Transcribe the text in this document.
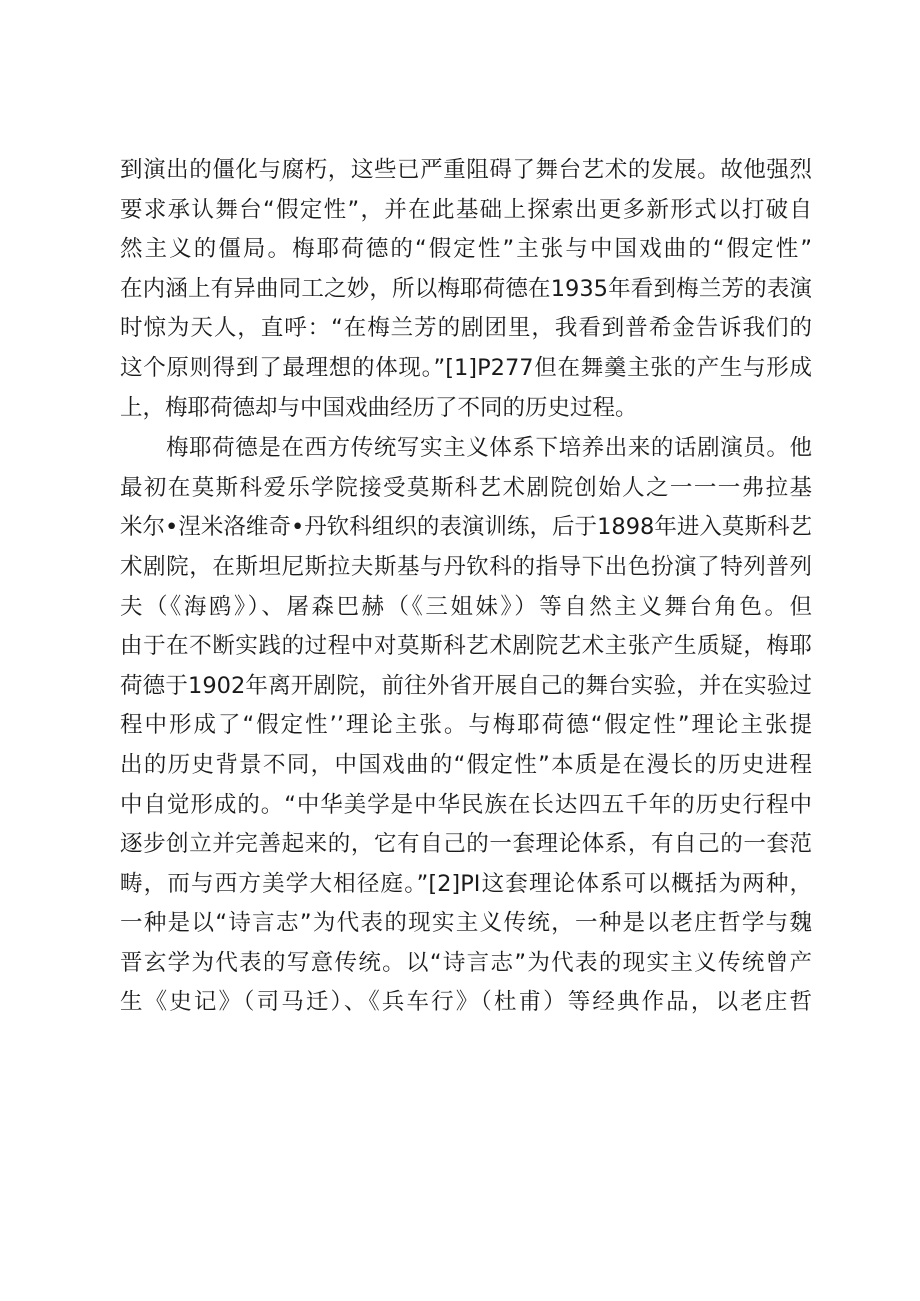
到演出的僵化与腐朽，这些已严重阻碍了舞台艺术的发展。故他强烈
要求承认舞台“假定性”，并在此基础上探索出更多新形式以打破自
然主义的僵局。梅耶荷德的“假定性”主张与中国戏曲的“假定性”
在内涵上有异曲同工之妙，所以梅耶荷德在1935年看到梅兰芳的表演
时惊为天人，直呼：“在梅兰芳的剧团里，我看到普希金告诉我们的
这个原则得到了最理想的体现。”[1]P277但在舞羹主张的产生与形成
上，梅耶荷德却与中国戏曲经历了不同的历史过程。
梅耶荷德是在西方传统写实主义体系下培养出来的话剧演员。他
最初在莫斯科爱乐学院接受莫斯科艺术剧院创始人之一一一弗拉基
米尔•涅米洛维奇•丹钦科组织的表演训练，后于1898年进入莫斯科艺
术剧院，在斯坦尼斯拉夫斯基与丹钦科的指导下出色扮演了特列普列
夫（《海鸥》）、屠森巴赫（《三姐妹》）等自然主义舞台角色。但
由于在不断实践的过程中对莫斯科艺术剧院艺术主张产生质疑，梅耶
荷德于1902年离开剧院，前往外省开展自己的舞台实验，并在实验过
程中形成了“假定性’’理论主张。与梅耶荷德“假定性”理论主张提
出的历史背景不同，中国戏曲的“假定性”本质是在漫长的历史进程
中自觉形成的。“中华美学是中华民族在长达四五千年的历史行程中
逐步创立并完善起来的，它有自己的一套理论体系，有自己的一套范
畴，而与西方美学大相径庭。”[2]PI这套理论体系可以概括为两种，
一种是以“诗言志”为代表的现实主义传统，一种是以老庄哲学与魏
晋玄学为代表的写意传统。以“诗言志”为代表的现实主义传统曾产
生《史记》（司马迁）、《兵车行》（杜甫）等经典作品，以老庄哲
